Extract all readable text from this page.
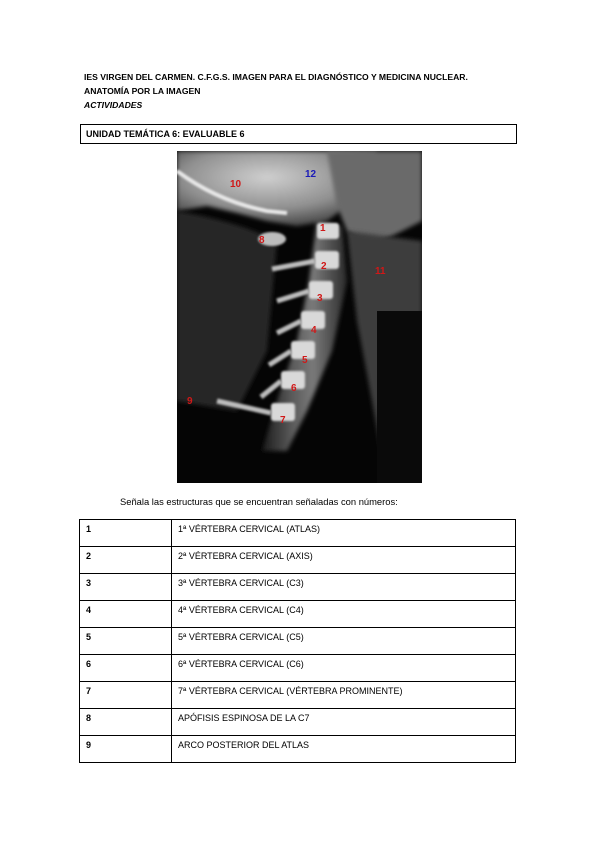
IES VIRGEN DEL CARMEN. C.F.G.S. IMAGEN PARA EL DIAGNÓSTICO Y MEDICINA NUCLEAR.
ANATOMÍA POR LA IMAGEN
ACTIVIDADES
UNIDAD TEMÁTICA 6: EVALUABLE 6
10
12
1
8
2	11
3
4
5
6
9
7
Señala las estructuras que se encuentran señaladas con números:
1	1ª VÉRTEBRA CERVICAL (ATLAS)
2	2ª VÉRTEBRA CERVICAL (AXIS)
3	3ª VÉRTEBRA CERVICAL (C3)
4	4ª VÉRTEBRA CERVICAL (C4)
5	5ª VÉRTEBRA CERVICAL (C5)
6	6ª VÉRTEBRA CERVICAL (C6)
7	7ª VÉRTEBRA CERVICAL (VÉRTEBRA PROMINENTE)
8	APÓFISIS ESPINOSA DE LA C7
9	ARCO POSTERIOR DEL ATLAS
